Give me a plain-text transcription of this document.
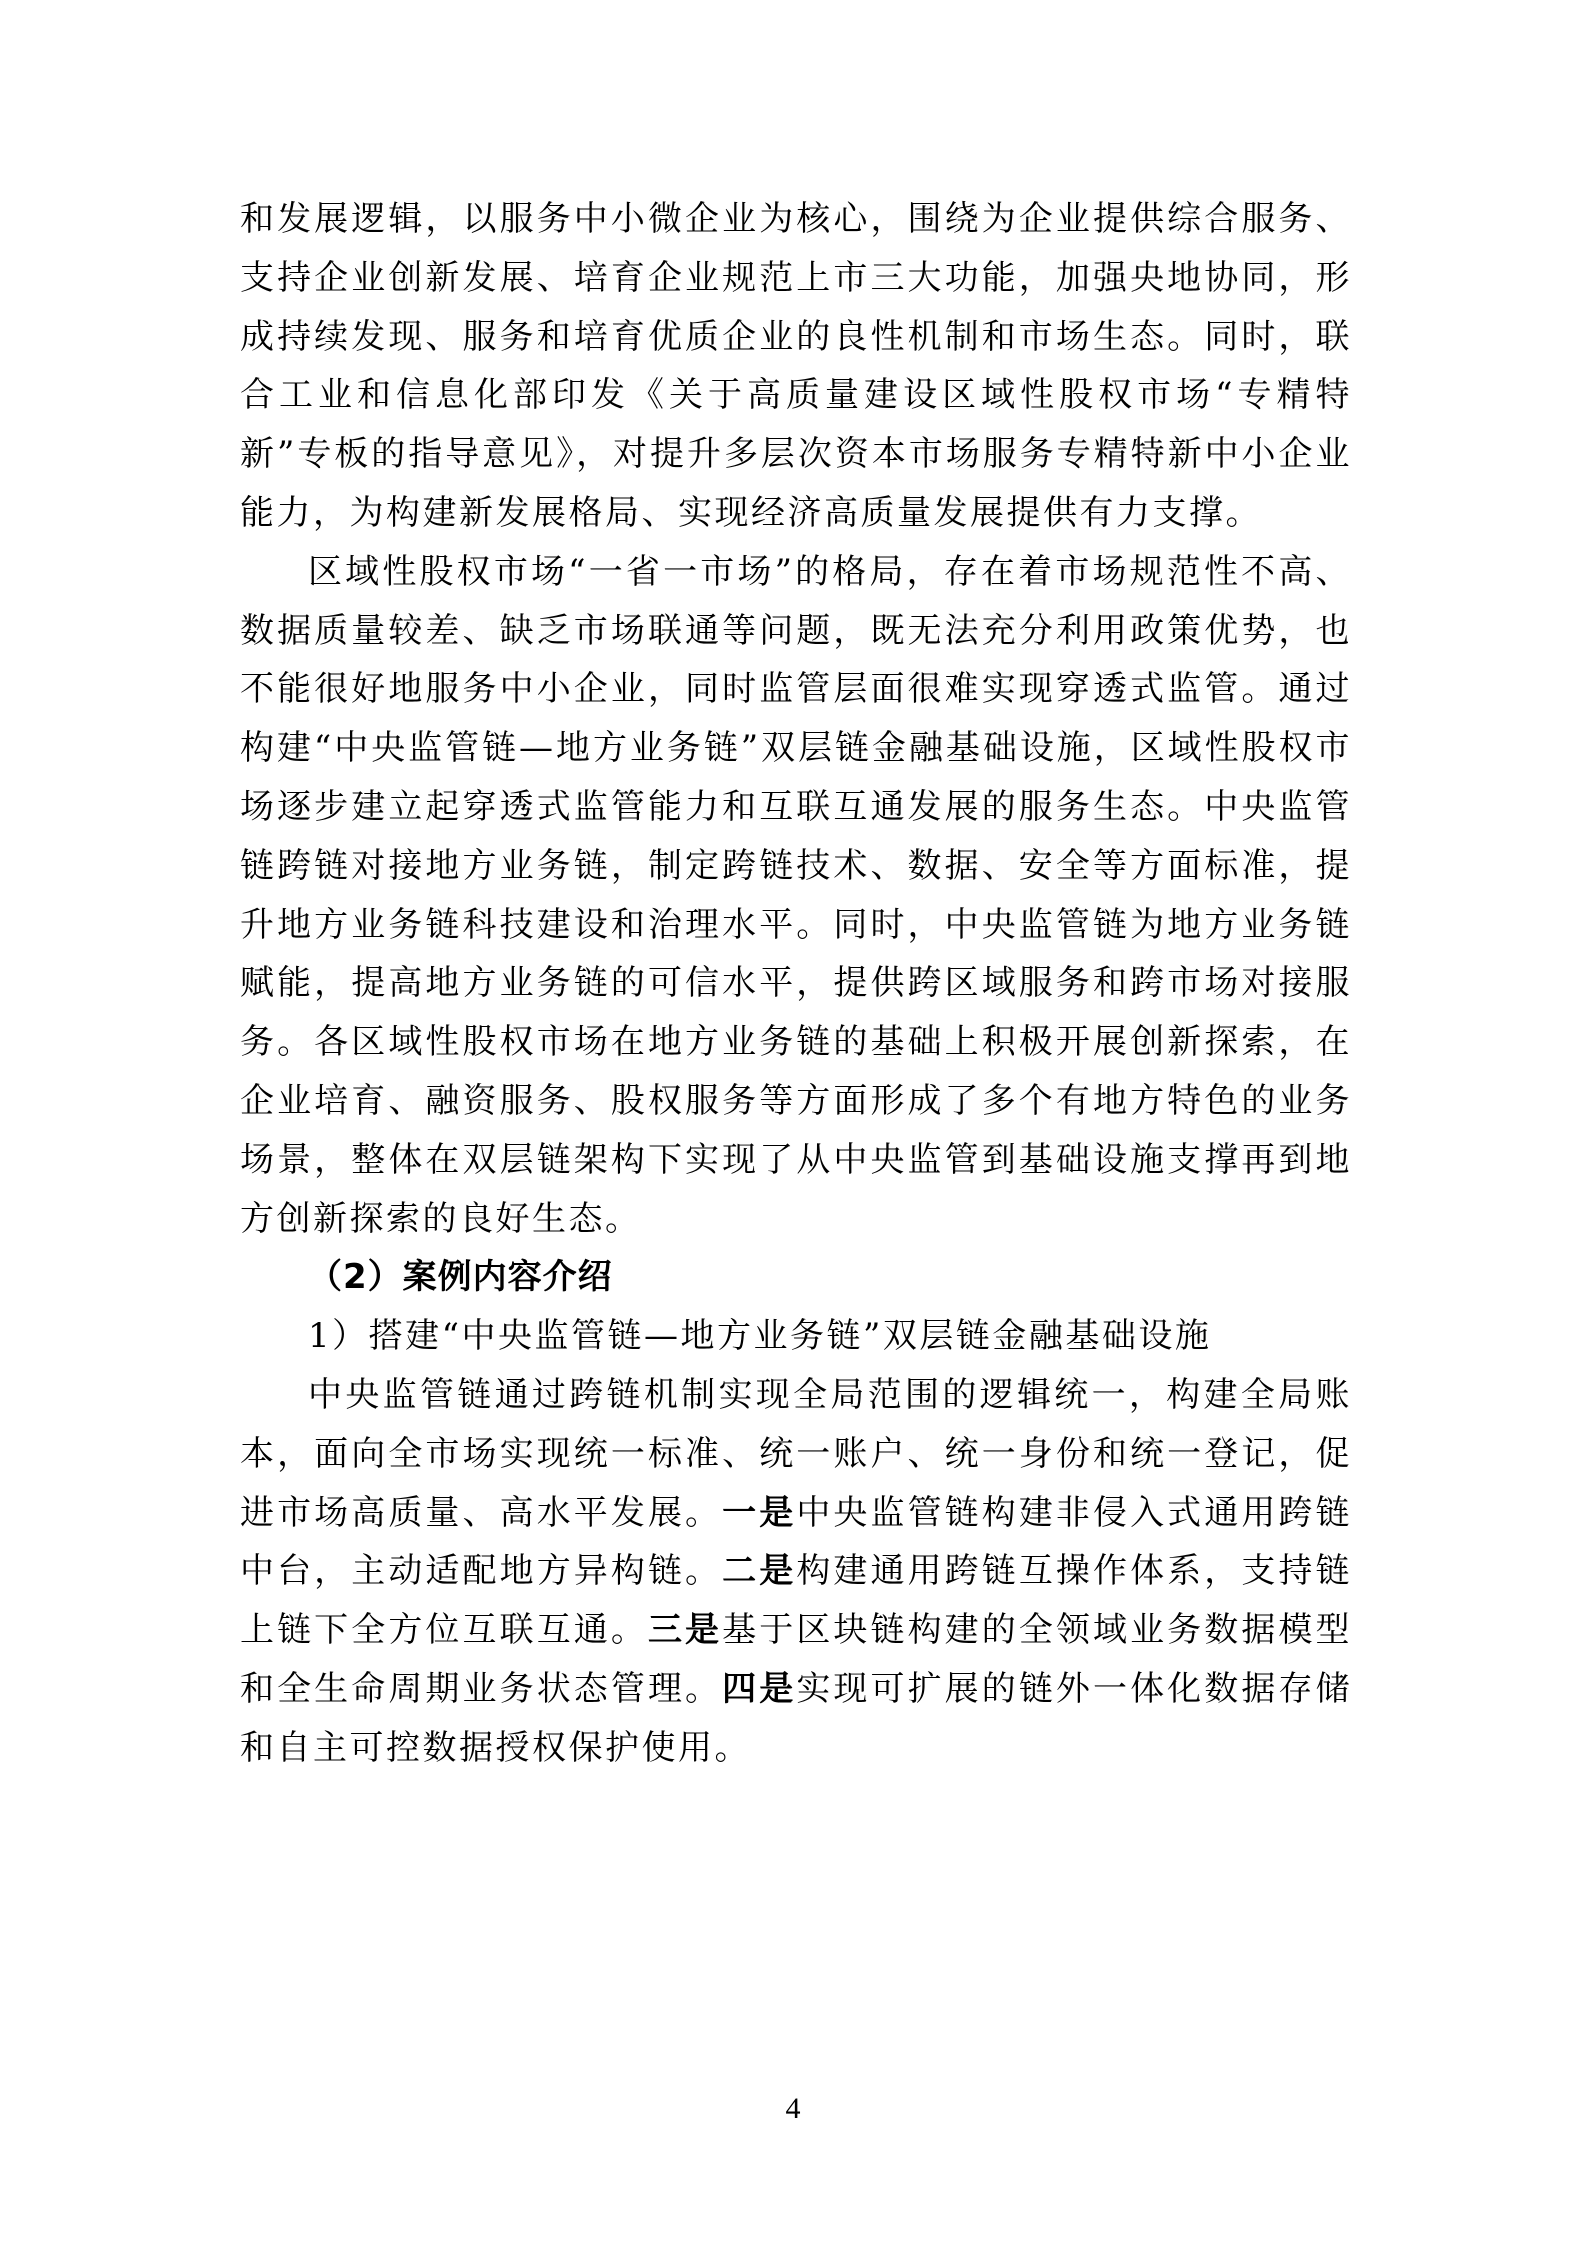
和发展逻辑，以服务中小微企业为核心，围绕为企业提供综合服务、支持企业创新发展、培育企业规范上市三大功能，加强央地协同，形成持续发现、服务和培育优质企业的良性机制和市场生态。同时，联合工业和信息化部印发《关于高质量建设区域性股权市场“专精特新”专板的指导意见》，对提升多层次资本市场服务专精特新中小企业能力，为构建新发展格局、实现经济高质量发展提供有力支撑。

区域性股权市场“一省一市场”的格局，存在着市场规范性不高、数据质量较差、缺乏市场联通等问题，既无法充分利用政策优势，也不能很好地服务中小企业，同时监管层面很难实现穿透式监管。通过构建“中央监管链—地方业务链”双层链金融基础设施，区域性股权市场逐步建立起穿透式监管能力和互联互通发展的服务生态。中央监管链跨链对接地方业务链，制定跨链技术、数据、安全等方面标准，提升地方业务链科技建设和治理水平。同时，中央监管链为地方业务链赋能，提高地方业务链的可信水平，提供跨区域服务和跨市场对接服务。各区域性股权市场在地方业务链的基础上积极开展创新探索，在企业培育、融资服务、股权服务等方面形成了多个有地方特色的业务场景，整体在双层链架构下实现了从中央监管到基础设施支撑再到地方创新探索的良好生态。

（2）案例内容介绍

1）搭建“中央监管链—地方业务链”双层链金融基础设施

中央监管链通过跨链机制实现全局范围的逻辑统一，构建全局账本，面向全市场实现统一标准、统一账户、统一身份和统一登记，促进市场高质量、高水平发展。一是中央监管链构建非侵入式通用跨链中台，主动适配地方异构链。二是构建通用跨链互操作体系，支持链上链下全方位互联互通。三是基于区块链构建的全领域业务数据模型和全生命周期业务状态管理。四是实现可扩展的链外一体化数据存储和自主可控数据授权保护使用。

4
